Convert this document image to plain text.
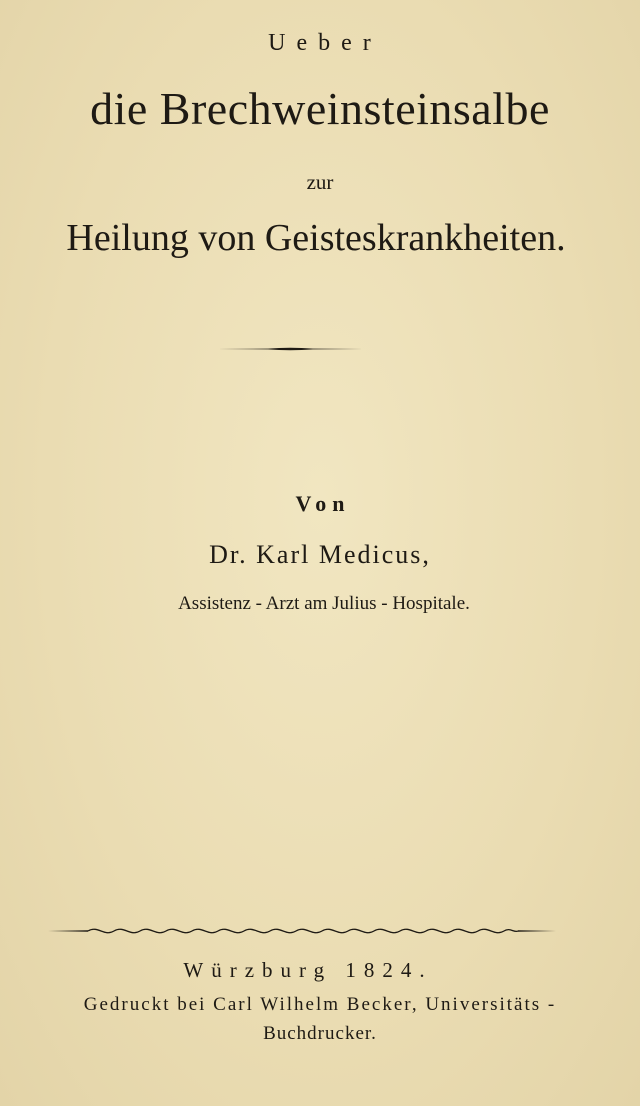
Ueber
die Brechweinsteinsalbe
zur
Heilung von Geisteskrankheiten.
Von
Dr. Karl Medicus,
Assistenz - Arzt am Julius - Hospitale.
Würzburg 1824.
Gedruckt bei Carl Wilhelm Becker, Universitäts -
Buchdrucker.
